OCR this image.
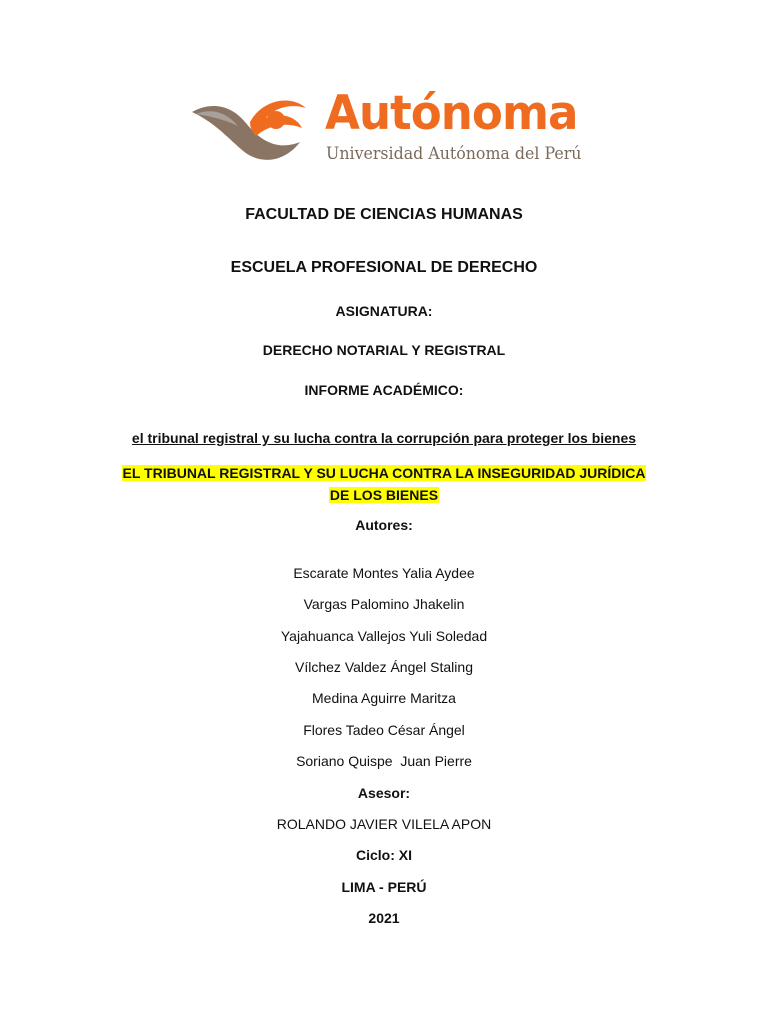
Autónoma
Universidad Autónoma del Perú
FACULTAD DE CIENCIAS HUMANAS
ESCUELA PROFESIONAL DE DERECHO
ASIGNATURA:
DERECHO NOTARIAL Y REGISTRAL
INFORME ACADÉMICO:
el tribunal registral y su lucha contra la corrupción para proteger los bienes
EL TRIBUNAL REGISTRAL Y SU LUCHA CONTRA LA INSEGURIDAD JURÍDICA
DE LOS BIENES
Autores:
Escarate Montes Yalia Aydee
Vargas Palomino Jhakelin
Yajahuanca Vallejos Yuli Soledad
Vílchez Valdez Ángel Staling
Medina Aguirre Maritza
Flores Tadeo César Ángel
Soriano Quispe  Juan Pierre
Asesor:
ROLANDO JAVIER VILELA APON
Ciclo: XI
LIMA - PERÚ
2021
